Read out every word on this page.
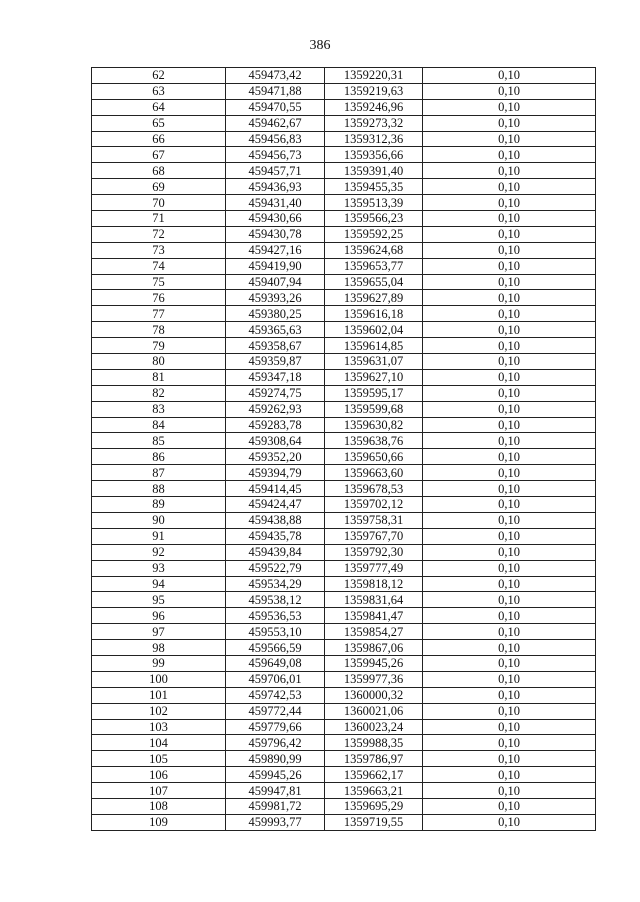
386
62	459473,42	1359220,31	0,10
63	459471,88	1359219,63	0,10
64	459470,55	1359246,96	0,10
65	459462,67	1359273,32	0,10
66	459456,83	1359312,36	0,10
67	459456,73	1359356,66	0,10
68	459457,71	1359391,40	0,10
69	459436,93	1359455,35	0,10
70	459431,40	1359513,39	0,10
71	459430,66	1359566,23	0,10
72	459430,78	1359592,25	0,10
73	459427,16	1359624,68	0,10
74	459419,90	1359653,77	0,10
75	459407,94	1359655,04	0,10
76	459393,26	1359627,89	0,10
77	459380,25	1359616,18	0,10
78	459365,63	1359602,04	0,10
79	459358,67	1359614,85	0,10
80	459359,87	1359631,07	0,10
81	459347,18	1359627,10	0,10
82	459274,75	1359595,17	0,10
83	459262,93	1359599,68	0,10
84	459283,78	1359630,82	0,10
85	459308,64	1359638,76	0,10
86	459352,20	1359650,66	0,10
87	459394,79	1359663,60	0,10
88	459414,45	1359678,53	0,10
89	459424,47	1359702,12	0,10
90	459438,88	1359758,31	0,10
91	459435,78	1359767,70	0,10
92	459439,84	1359792,30	0,10
93	459522,79	1359777,49	0,10
94	459534,29	1359818,12	0,10
95	459538,12	1359831,64	0,10
96	459536,53	1359841,47	0,10
97	459553,10	1359854,27	0,10
98	459566,59	1359867,06	0,10
99	459649,08	1359945,26	0,10
100	459706,01	1359977,36	0,10
101	459742,53	1360000,32	0,10
102	459772,44	1360021,06	0,10
103	459779,66	1360023,24	0,10
104	459796,42	1359988,35	0,10
105	459890,99	1359786,97	0,10
106	459945,26	1359662,17	0,10
107	459947,81	1359663,21	0,10
108	459981,72	1359695,29	0,10
109	459993,77	1359719,55	0,10
